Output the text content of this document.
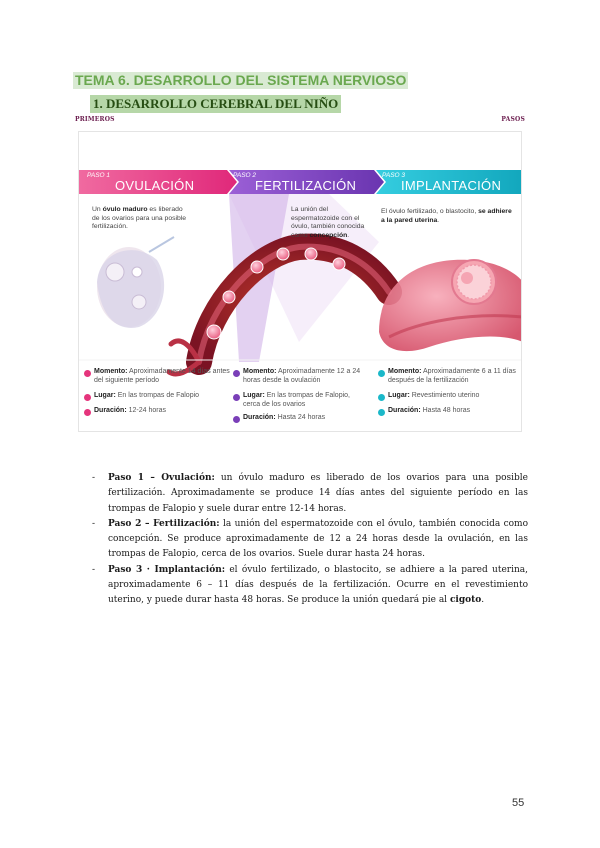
TEMA 6. DESARROLLO DEL SISTEMA NERVIOSO
1. DESARROLLO CEREBRAL DEL NIÑO
PRIMEROS	PASOS
PASO 1
OVULACIÓN
PASO 2
FERTILIZACIÓN
PASO 3
IMPLANTACIÓN
Un óvulo maduro es liberado de los ovarios para una posible fertilización.
La unión del espermatozoide con el óvulo, también conocida como concepción.
El óvulo fertilizado, o blastocito, se adhiere a la pared uterina.
Momento: Aproximadamente 14 días antes del siguiente período
Lugar: En las trompas de Falopio
Duración: 12-24 horas
Momento: Aproximadamente 12 a 24 horas desde la ovulación
Lugar: En las trompas de Falopio, cerca de los ovarios
Duración: Hasta 24 horas
Momento: Aproximadamente 6 a 11 días después de la fertilización
Lugar: Revestimiento uterino
Duración: Hasta 48 horas
- Paso 1 – Ovulación: un óvulo maduro es liberado de los ovarios para una posible fertilización. Aproximadamente se produce 14 días antes del siguiente período en las trompas de Falopio y suele durar entre 12-14 horas.
- Paso 2 – Fertilización: la unión del espermatozoide con el óvulo, también conocida como concepción. Se produce aproximadamente de 12 a 24 horas desde la ovulación, en las trompas de Falopio, cerca de los ovarios. Suele durar hasta 24 horas.
- Paso 3 · Implantación: el óvulo fertilizado, o blastocito, se adhiere a la pared uterina, aproximadamente 6 – 11 días después de la fertilización. Ocurre en el revestimiento uterino, y puede durar hasta 48 horas. Se produce la unión quedará pie al cigoto.
55
